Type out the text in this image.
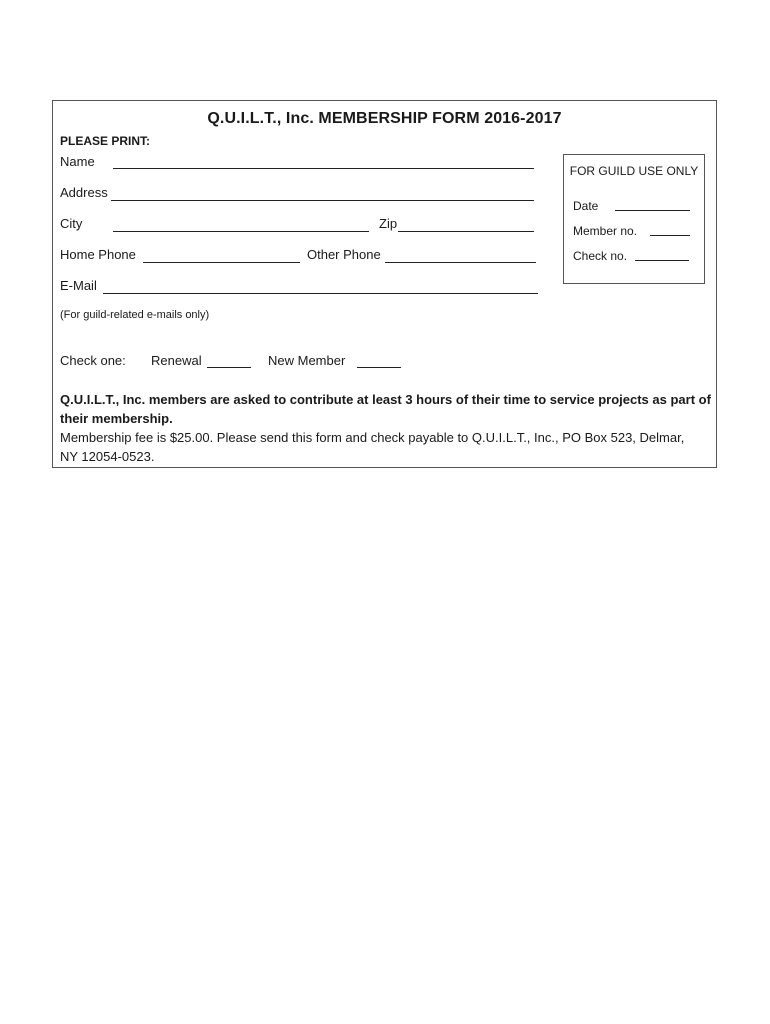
Q.U.I.L.T., Inc. MEMBERSHIP FORM 2016-2017
PLEASE PRINT:
Name
Address
City	Zip
Home Phone	Other Phone
E-Mail
(For guild-related e-mails only)
Check one: Renewal	New Member
FOR GUILD USE ONLY
Date
Member no.
Check no.
Q.U.I.L.T., Inc. members are asked to contribute at least 3 hours of their time to service projects as part of their membership.
Membership fee is $25.00. Please send this form and check payable to Q.U.I.L.T., Inc., PO Box 523, Delmar, NY 12054-0523.
